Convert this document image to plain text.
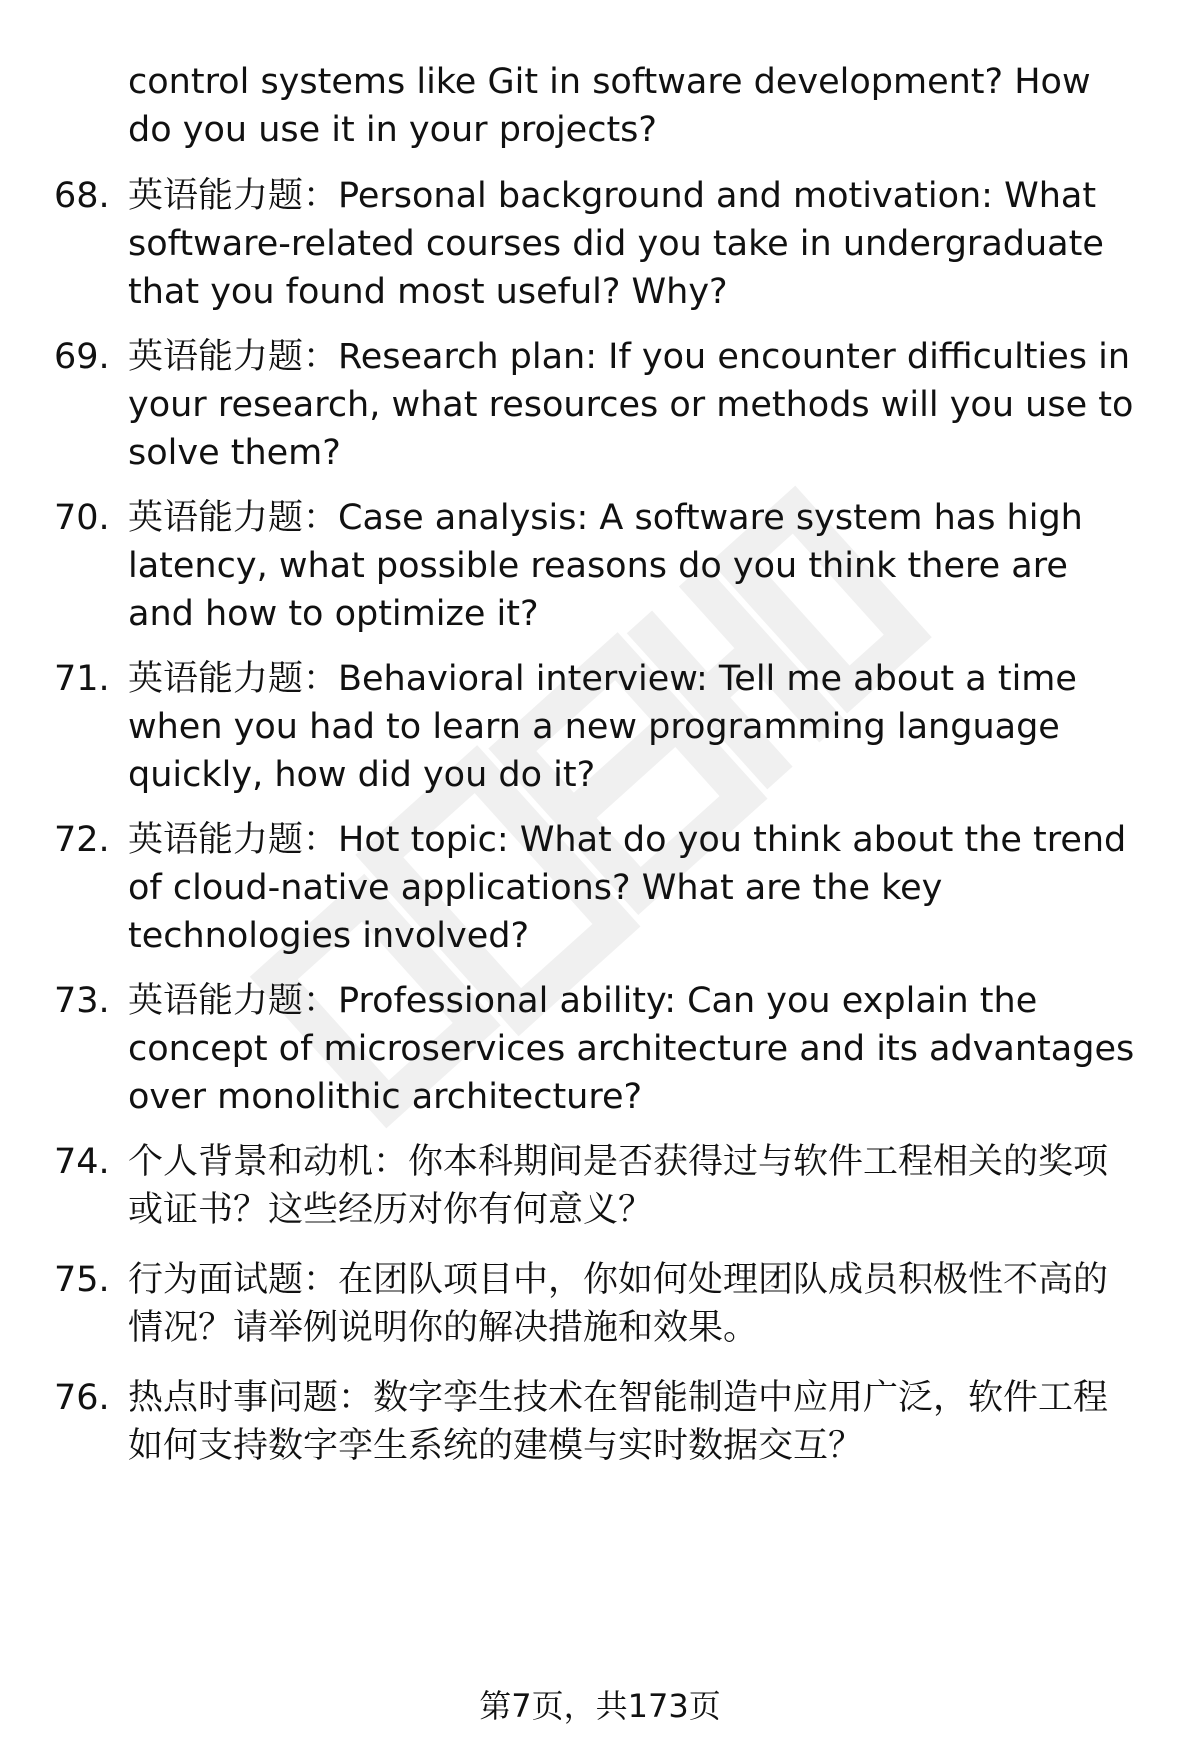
control systems like Git in software development? How do you use it in your projects?

68. 英语能力题：Personal background and motivation: What software-related courses did you take in undergraduate that you found most useful? Why?

69. 英语能力题：Research plan: If you encounter difficulties in your research, what resources or methods will you use to solve them?

70. 英语能力题：Case analysis: A software system has high latency, what possible reasons do you think there are and how to optimize it?

71. 英语能力题：Behavioral interview: Tell me about a time when you had to learn a new programming language quickly, how did you do it?

72. 英语能力题：Hot topic: What do you think about the trend of cloud-native applications? What are the key technologies involved?

73. 英语能力题：Professional ability: Can you explain the concept of microservices architecture and its advantages over monolithic architecture?

74. 个人背景和动机：你本科期间是否获得过与软件工程相关的奖项或证书？这些经历对你有何意义？

75. 行为面试题：在团队项目中，你如何处理团队成员积极性不高的情况？请举例说明你的解决措施和效果。

76. 热点时事问题：数字孪生技术在智能制造中应用广泛，软件工程如何支持数字孪生系统的建模与实时数据交互？

第7页，共173页
